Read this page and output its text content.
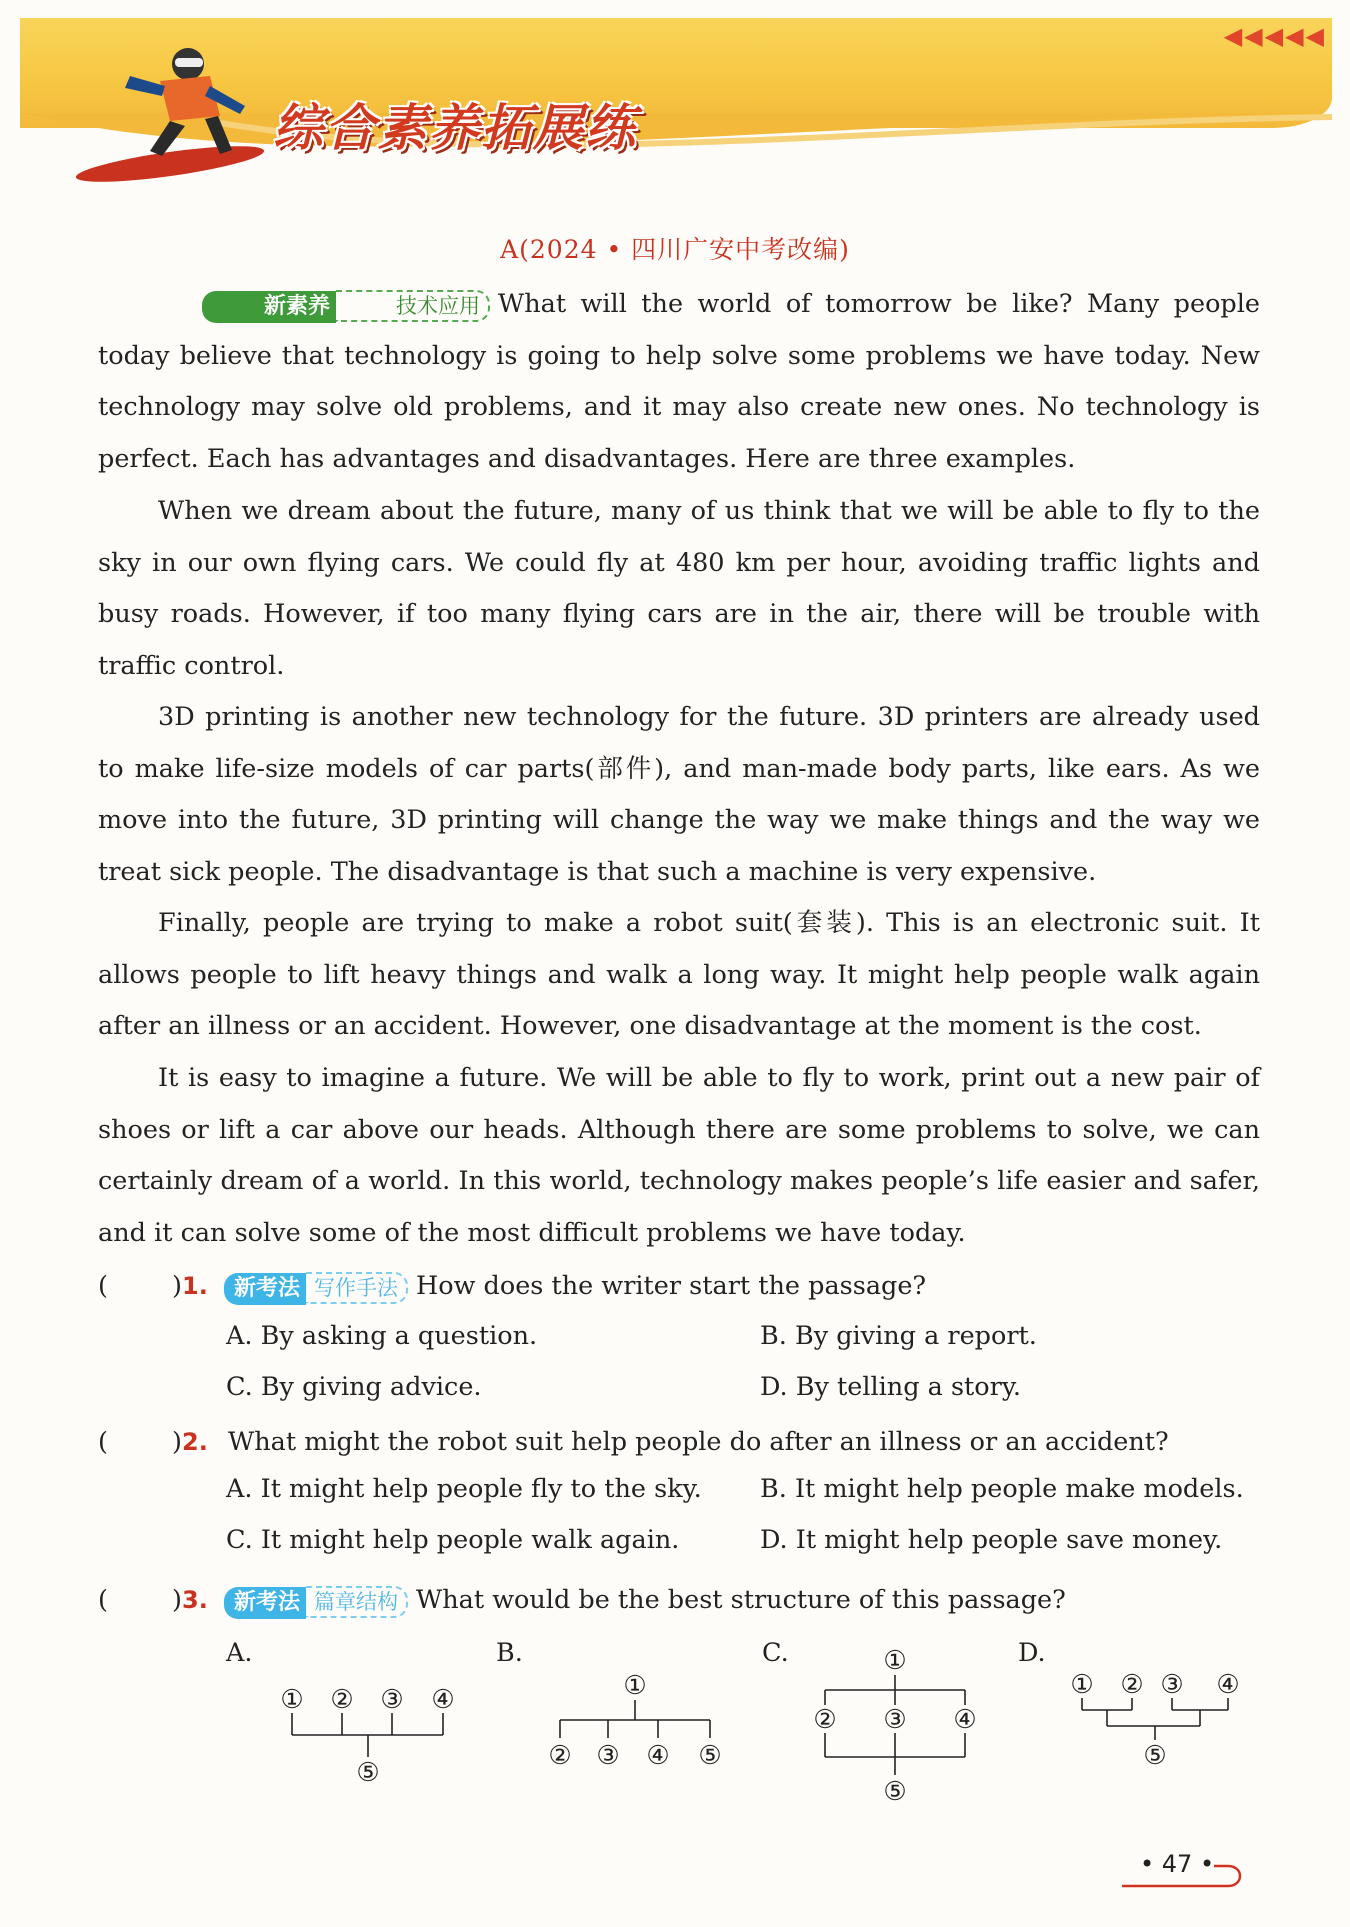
◀◀◀◀◀
综合素养拓展练
A(2024 • 四川广安中考改编)

新素养	技术应用 What will the world of tomorrow be like? Many people today believe that technology is going to help solve some problems we have today. New technology may solve old problems, and it may also create new ones. No technology is perfect. Each has advantages and disadvantages. Here are three examples.

When we dream about the future, many of us think that we will be able to fly to the sky in our own flying cars. We could fly at 480 km per hour, avoiding traffic lights and busy roads. However, if too many flying cars are in the air, there will be trouble with traffic control.

3D printing is another new technology for the future. 3D printers are already used to make life-size models of car parts(部件), and man-made body parts, like ears. As we move into the future, 3D printing will change the way we make things and the way we treat sick people. The disadvantage is that such a machine is very expensive.

Finally, people are trying to make a robot suit(套装). This is an electronic suit. It allows people to lift heavy things and walk a long way. It might help people walk again after an illness or an accident. However, one disadvantage at the moment is the cost.

It is easy to imagine a future. We will be able to fly to work, print out a new pair of shoes or lift a car above our heads. Although there are some problems to solve, we can certainly dream of a world. In this world, technology makes people’s life easier and safer, and it can solve some of the most difficult problems we have today.

(	) 1.	新考法 写作手法 How does the writer start the passage?
A. By asking a question.	B. By giving a report.
C. By giving advice.	D. By telling a story.
(	) 2. What might the robot suit help people do after an illness or an accident?
A. It might help people fly to the sky. B. It might help people make models.
C. It might help people walk again.	D. It might help people save money.
(	) 3.	新考法 篇章结构 What would be the best structure of this passage?
A.	B.	C.	D.
① ② ③ ④
⑤
①
② ③ ④ ⑤
①
② ③ ④
⑤
① ② ③ ④
⑤
• 47 •
